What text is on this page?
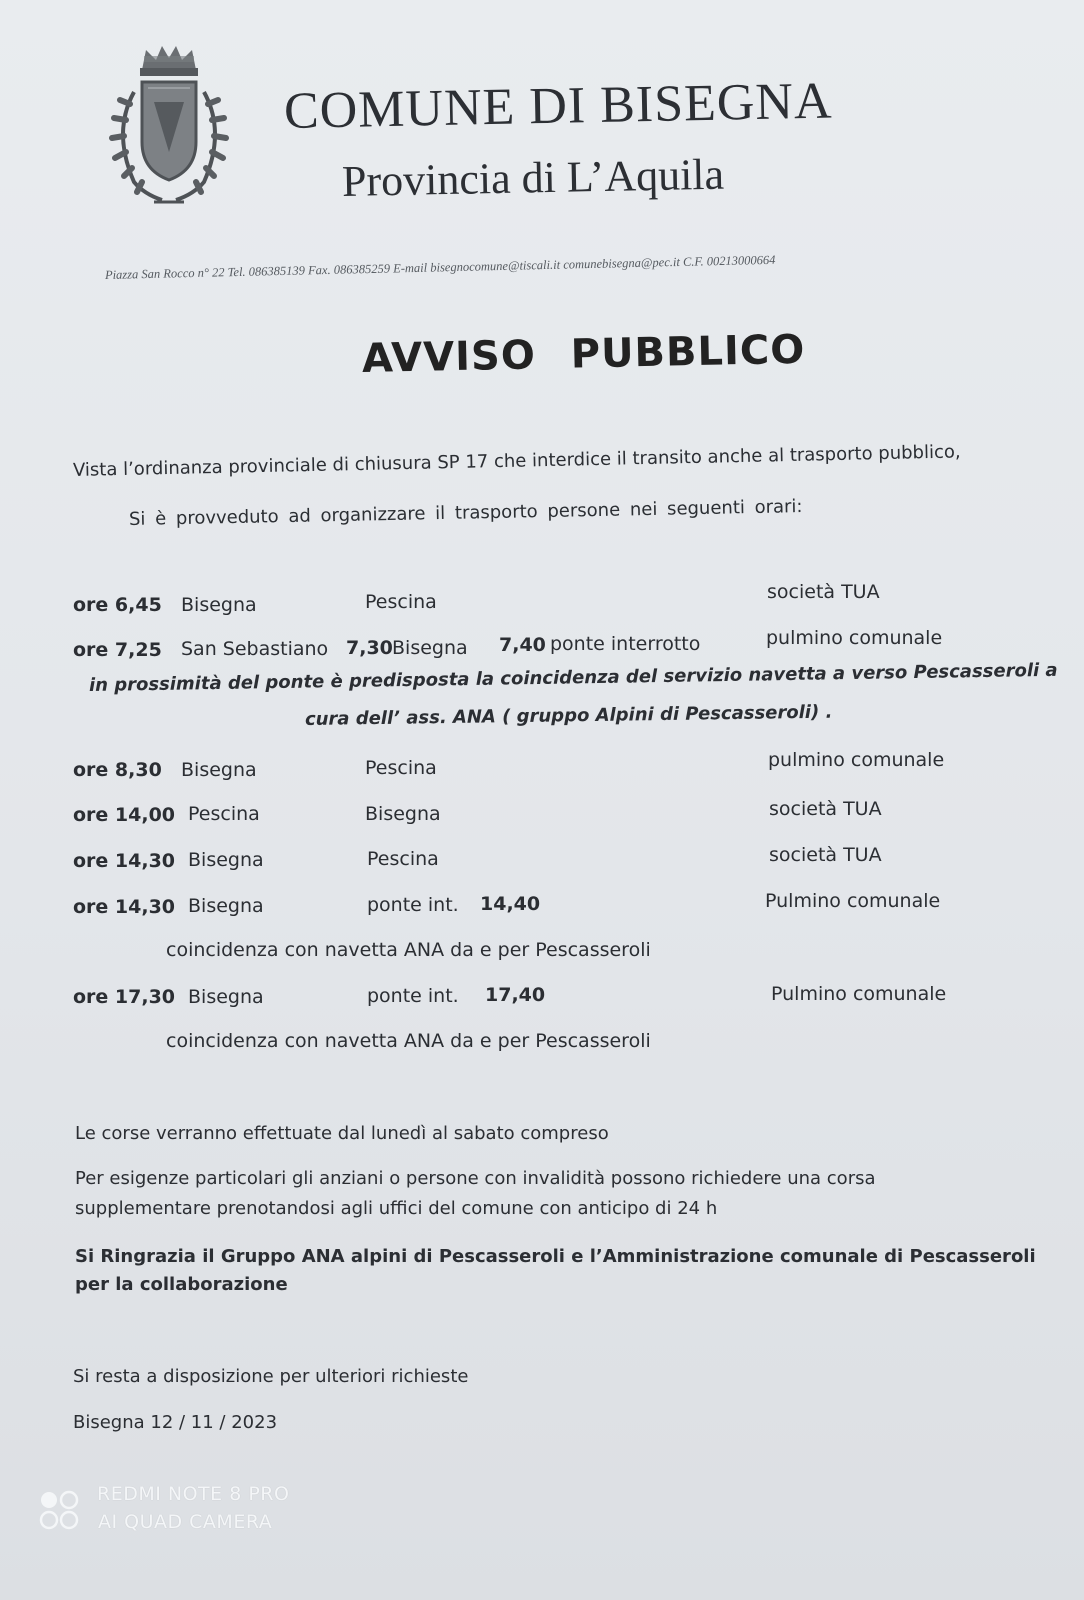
COMUNE DI BISEGNA
Provincia di L’Aquila
Piazza San Rocco n° 22 Tel. 086385139 Fax. 086385259 E-mail bisegnocomune@tiscali.it comunebisegna@pec.it C.F. 00213000664
AVVISO PUBBLICO
Vista l’ordinanza provinciale di chiusura SP 17 che interdice il transito anche al trasporto pubblico,
Si è provveduto ad organizzare il trasporto persone nei seguenti orari:
ore 6,45 Bisegna	Pescina	società TUA
ore 7,25 San Sebastiano 7,30 Bisegna 7,40 ponte interrotto	pulmino comunale
in prossimità del ponte è predisposta la coincidenza del servizio navetta a verso Pescasseroli a
cura dell’ ass. ANA ( gruppo Alpini di Pescasseroli) .
ore 8,30 Bisegna	Pescina	pulmino comunale
ore 14,00 Pescina	Bisegna	società TUA
ore 14,30 Bisegna	Pescina	società TUA
ore 14,30 Bisegna	ponte int. 14,40	Pulmino comunale
coincidenza con navetta ANA da e per Pescasseroli
ore 17,30 Bisegna	ponte int. 17,40	Pulmino comunale
coincidenza con navetta ANA da e per Pescasseroli
Le corse verranno effettuate dal lunedì al sabato compreso
Per esigenze particolari gli anziani o persone con invalidità possono richiedere una corsa
supplementare prenotandosi agli uffici del comune con anticipo di 24 h
Si Ringrazia il Gruppo ANA alpini di Pescasseroli e l’Amministrazione comunale di Pescasseroli
per la collaborazione
Si resta a disposizione per ulteriori richieste
Bisegna 12 / 11 / 2023
REDMI NOTE 8 PRO
AI QUAD CAMERA
